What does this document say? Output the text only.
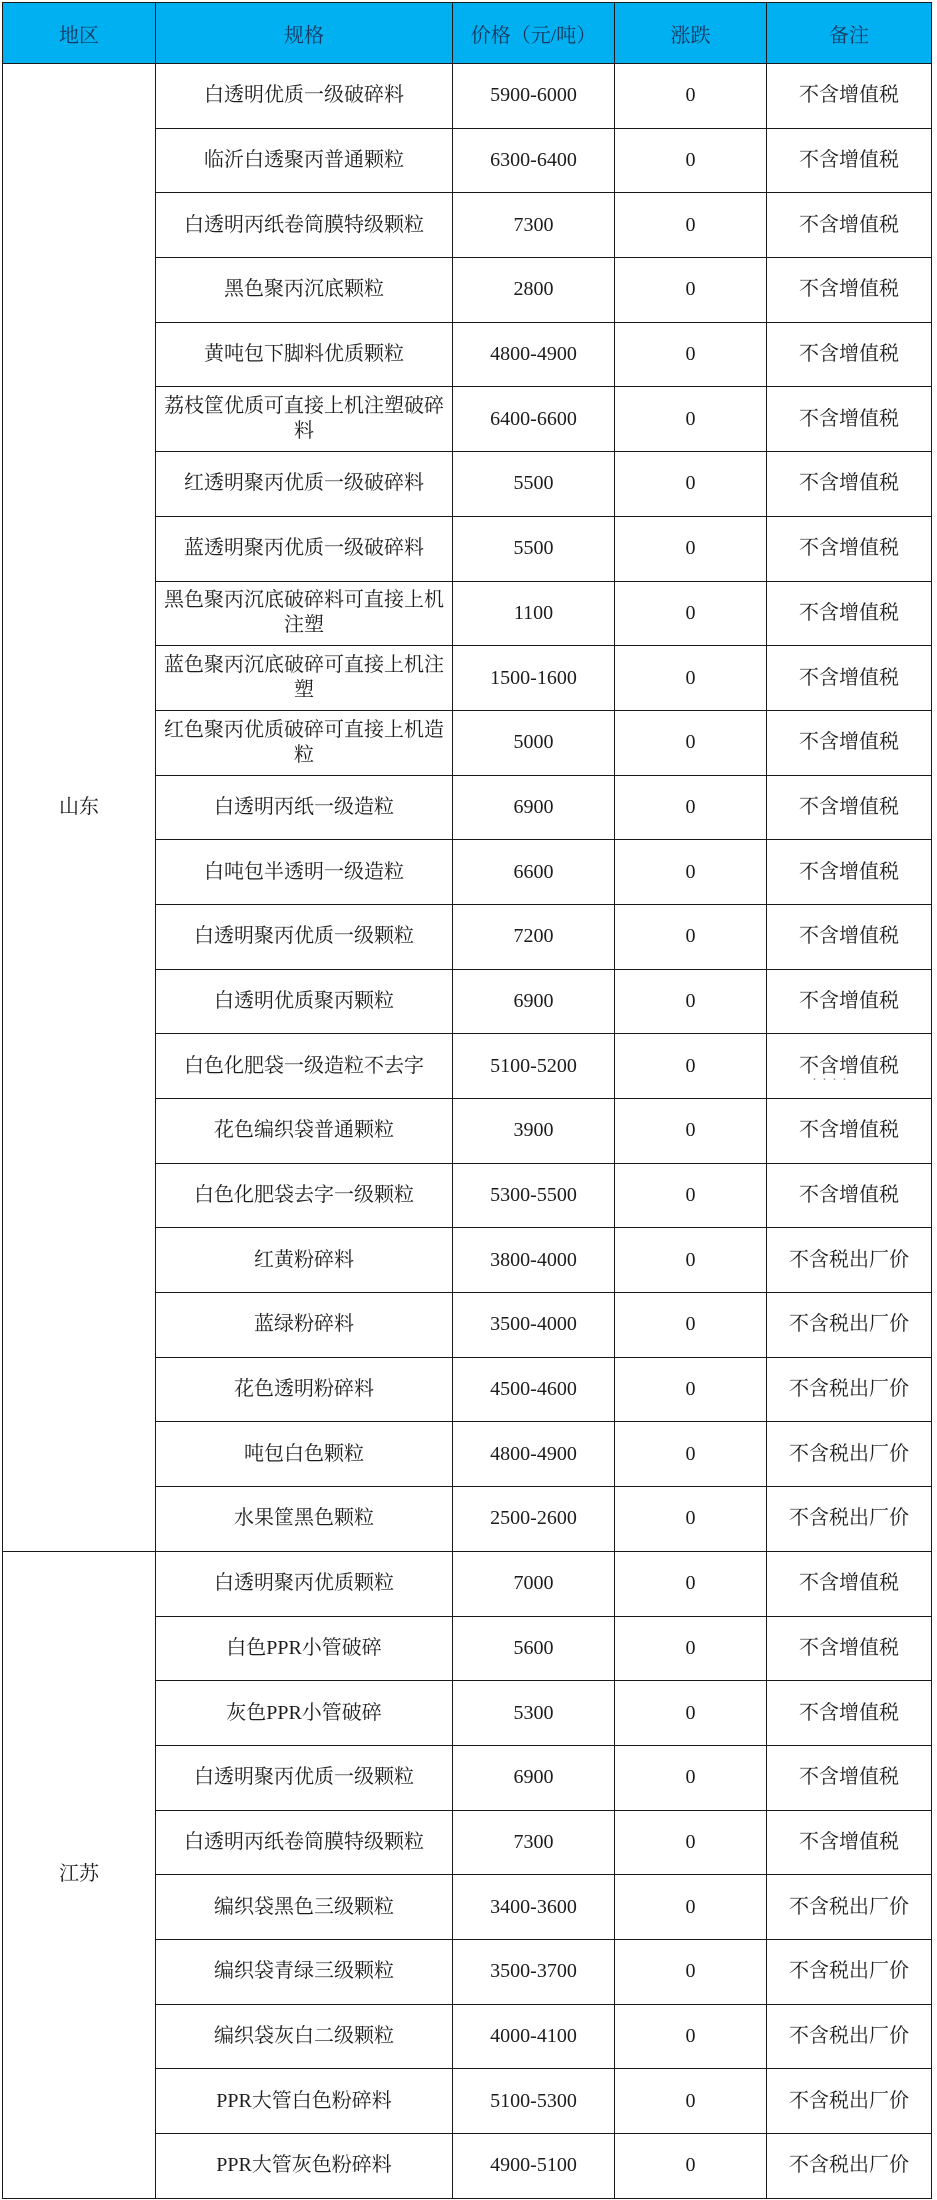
地区	规格	价格（元/吨）	涨跌	备注
山东	白透明优质一级破碎料	5900-6000	0	不含增值税
	临沂白透聚丙普通颗粒	6300-6400	0	不含增值税
	白透明丙纸卷筒膜特级颗粒	7300	0	不含增值税
	黑色聚丙沉底颗粒	2800	0	不含增值税
	黄吨包下脚料优质颗粒	4800-4900	0	不含增值税
	荔枝筐优质可直接上机注塑破碎料	6400-6600	0	不含增值税
	红透明聚丙优质一级破碎料	5500	0	不含增值税
	蓝透明聚丙优质一级破碎料	5500	0	不含增值税
	黑色聚丙沉底破碎料可直接上机注塑	1100	0	不含增值税
	蓝色聚丙沉底破碎可直接上机注塑	1500-1600	0	不含增值税
	红色聚丙优质破碎可直接上机造粒	5000	0	不含增值税
	白透明丙纸一级造粒	6900	0	不含增值税
	白吨包半透明一级造粒	6600	0	不含增值税
	白透明聚丙优质一级颗粒	7200	0	不含增值税
	白透明优质聚丙颗粒	6900	0	不含增值税
	白色化肥袋一级造粒不去字	5100-5200	0	不含增值税
	花色编织袋普通颗粒	3900	0	不含增值税
	白色化肥袋去字一级颗粒	5300-5500	0	不含增值税
	红黄粉碎料	3800-4000	0	不含税出厂价
	蓝绿粉碎料	3500-4000	0	不含税出厂价
	花色透明粉碎料	4500-4600	0	不含税出厂价
	吨包白色颗粒	4800-4900	0	不含税出厂价
	水果筐黑色颗粒	2500-2600	0	不含税出厂价
江苏	白透明聚丙优质颗粒	7000	0	不含增值税
	白色PPR小管破碎	5600	0	不含增值税
	灰色PPR小管破碎	5300	0	不含增值税
	白透明聚丙优质一级颗粒	6900	0	不含增值税
	白透明丙纸卷筒膜特级颗粒	7300	0	不含增值税
	编织袋黑色三级颗粒	3400-3600	0	不含税出厂价
	编织袋青绿三级颗粒	3500-3700	0	不含税出厂价
	编织袋灰白二级颗粒	4000-4100	0	不含税出厂价
	PPR大管白色粉碎料	5100-5300	0	不含税出厂价
	PPR大管灰色粉碎料	4900-5100	0	不含税出厂价
····
